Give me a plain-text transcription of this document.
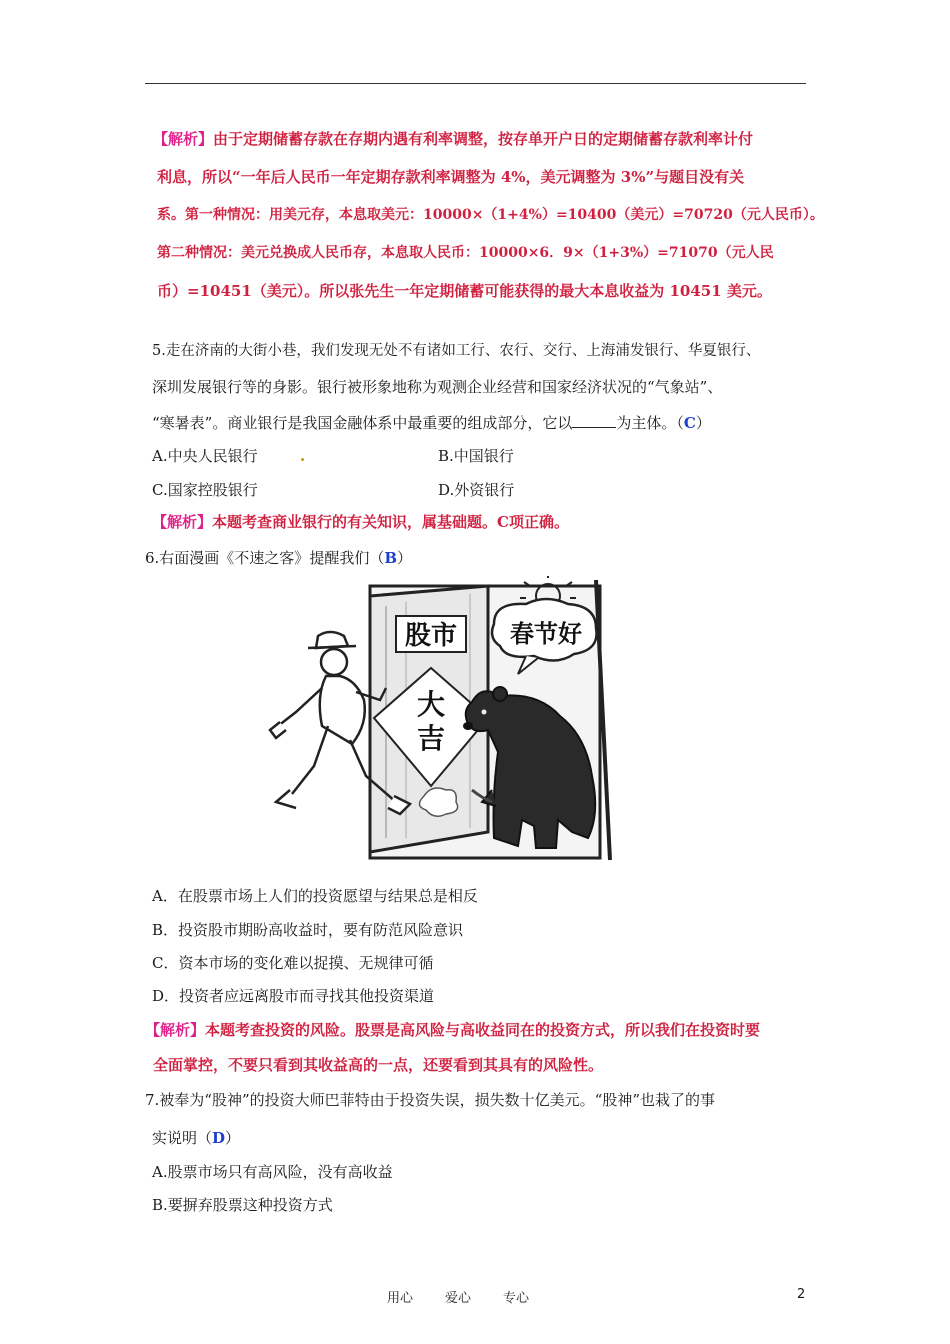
【解析】由于定期储蓄存款在存期内遇有利率调整，按存单开户日的定期储蓄存款利率计付
利息，所以“一年后人民币一年定期存款利率调整为 4%，美元调整为 3%”与题目没有关
系。第一种情况：用美元存，本息取美元：10000×（1+4%）=10400（美元）=70720（元人民币）。
第二种情况：美元兑换成人民币存，本息取人民币：10000×6．9×（1+3%）=71070（元人民
币）=10451（美元）。所以张先生一年定期储蓄可能获得的最大本息收益为 10451 美元。
5.走在济南的大街小巷，我们发现无处不有诸如工行、农行、交行、上海浦发银行、华夏银行、
深圳发展银行等的身影。银行被形象地称为观测企业经营和国家经济状况的“气象站”、
“寒暑表”。商业银行是我国金融体系中最重要的组成部分，它以	为主体。（C）
A.中央人民银行	B.中国银行
C.国家控股银行	D.外资银行
【解析】本题考查商业银行的有关知识，属基础题。C项正确。
6.右面漫画《不速之客》提醒我们（B）
股市
大
吉
春节好
A．在股票市场上人们的投资愿望与结果总是相反
B．投资股市期盼高收益时，要有防范风险意识
C．资本市场的变化难以捉摸、无规律可循
D．投资者应远离股市而寻找其他投资渠道
【解析】本题考查投资的风险。股票是高风险与高收益同在的投资方式，所以我们在投资时要
全面掌控，不要只看到其收益高的一点，还要看到其具有的风险性。
7.被奉为“股神”的投资大师巴菲特由于投资失误，损失数十亿美元。“股神”也栽了的事
实说明（D）
A.股票市场只有高风险，没有高收益
B.要摒弃股票这种投资方式
用心 爱心 专心	2
